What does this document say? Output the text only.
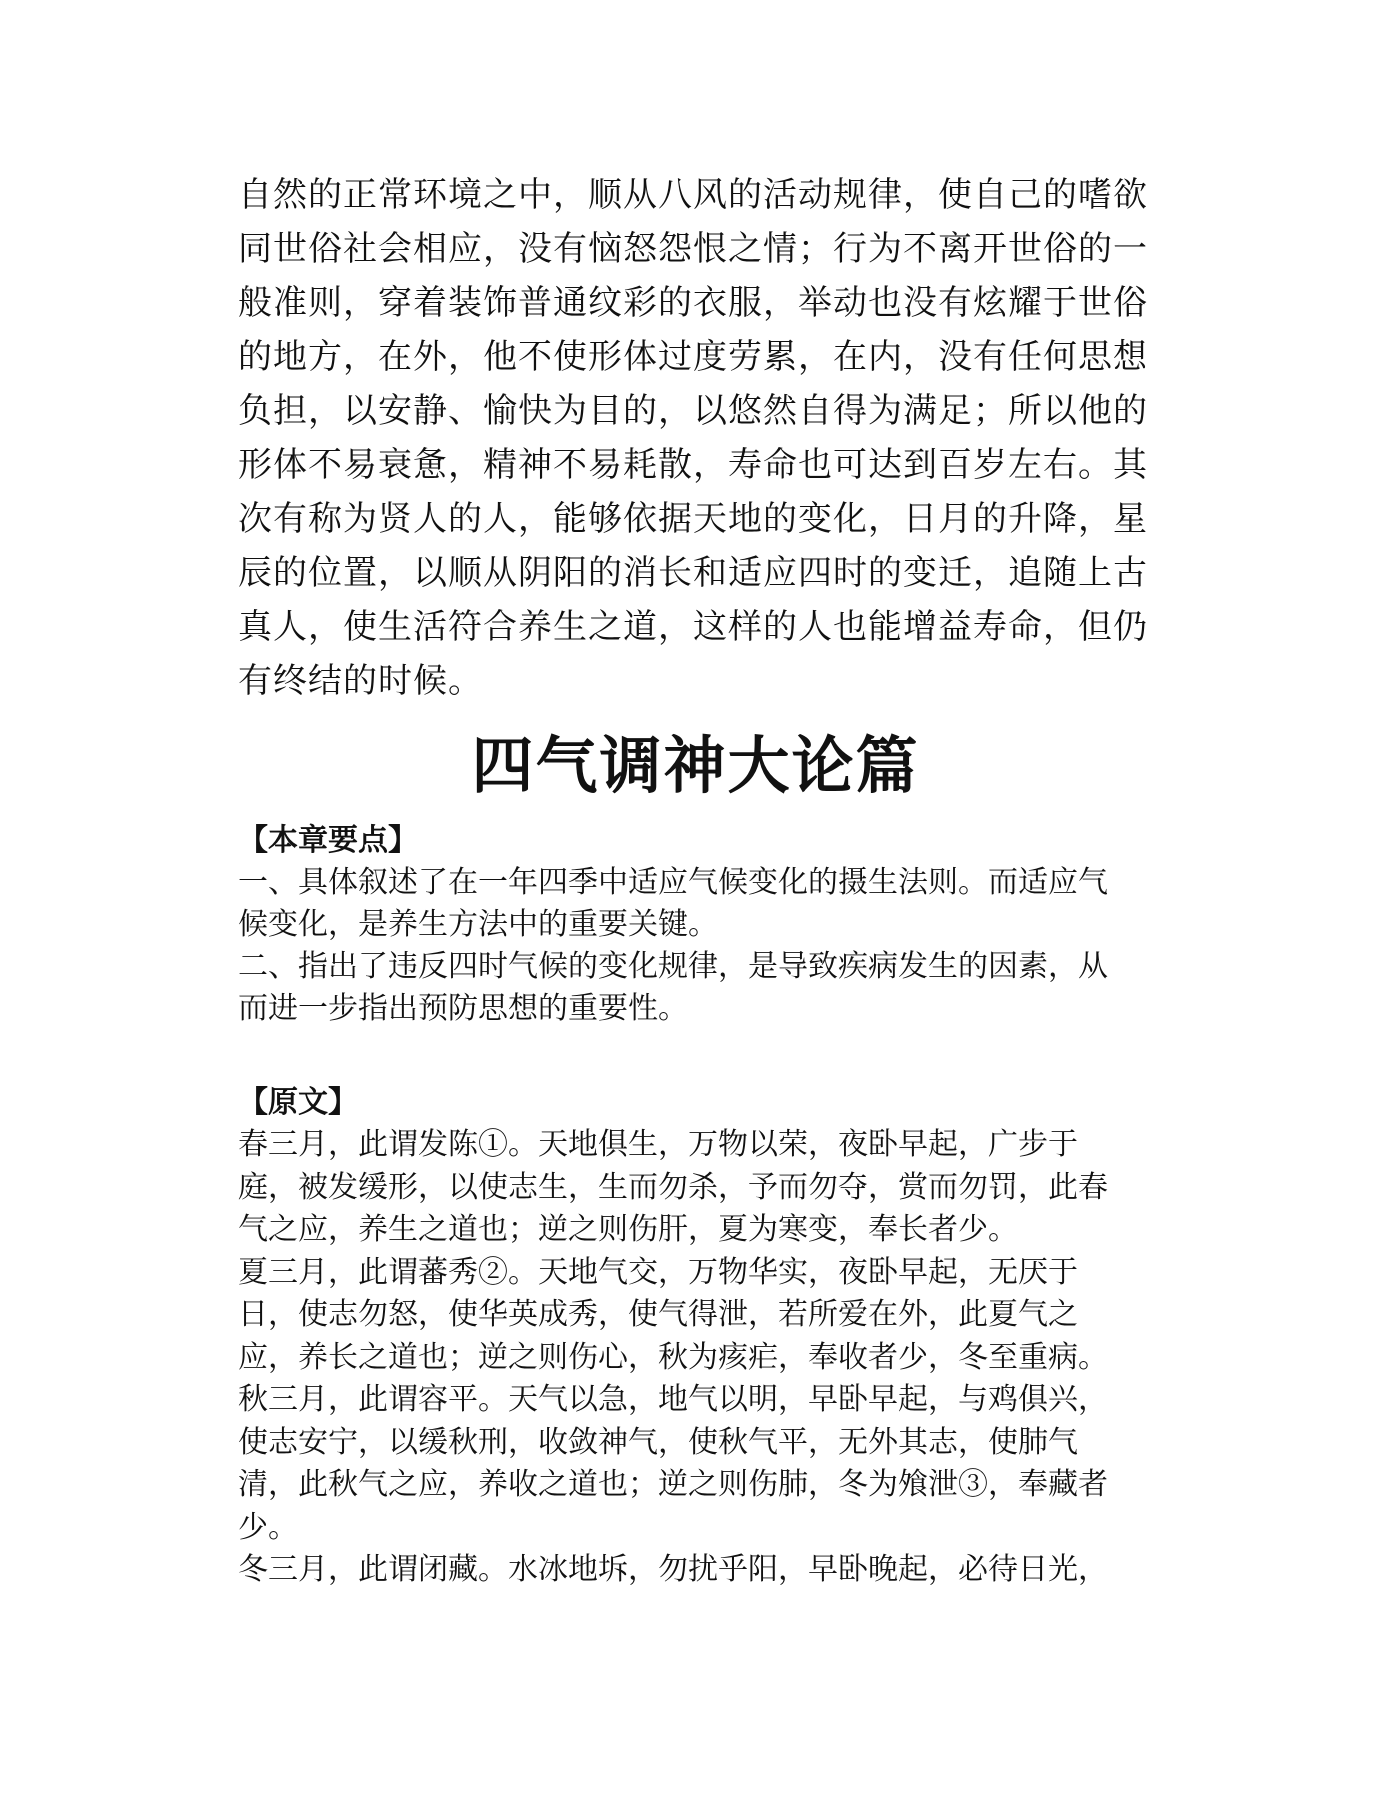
自然的正常环境之中，顺从八风的活动规律，使自己的嗜欲
同世俗社会相应，没有恼怒怨恨之情；行为不离开世俗的一
般准则，穿着装饰普通纹彩的衣服，举动也没有炫耀于世俗
的地方，在外，他不使形体过度劳累，在内，没有任何思想
负担，以安静、愉快为目的，以悠然自得为满足；所以他的
形体不易衰惫，精神不易耗散，寿命也可达到百岁左右。其
次有称为贤人的人，能够依据天地的变化，日月的升降，星
辰的位置，以顺从阴阳的消长和适应四时的变迁，追随上古
真人，使生活符合养生之道，这样的人也能增益寿命，但仍
有终结的时候。
四气调神大论篇
【本章要点】
一、具体叙述了在一年四季中适应气候变化的摄生法则。而适应气
候变化，是养生方法中的重要关键。
二、指出了违反四时气候的变化规律，是导致疾病发生的因素，从
而进一步指出预防思想的重要性。
【原文】
春三月，此谓发陈①。天地俱生，万物以荣，夜卧早起，广步于
庭，被发缓形，以使志生，生而勿杀，予而勿夺，赏而勿罚，此春
气之应，养生之道也；逆之则伤肝，夏为寒变，奉长者少。
夏三月，此谓蕃秀②。天地气交，万物华实，夜卧早起，无厌于
日，使志勿怒，使华英成秀，使气得泄，若所爱在外，此夏气之
应，养长之道也；逆之则伤心，秋为痎疟，奉收者少，冬至重病。
秋三月，此谓容平。天气以急，地气以明，早卧早起，与鸡俱兴，
使志安宁，以缓秋刑，收敛神气，使秋气平，无外其志，使肺气
清，此秋气之应，养收之道也；逆之则伤肺，冬为飧泄③，奉藏者
少。
冬三月，此谓闭藏。水冰地坼，勿扰乎阳，早卧晚起，必待日光，
